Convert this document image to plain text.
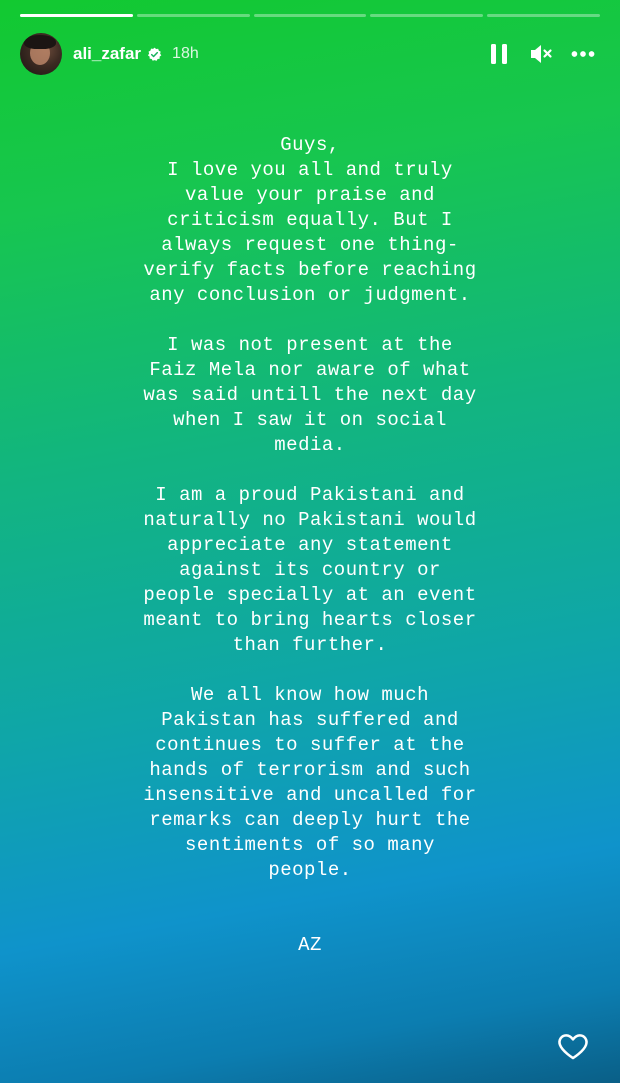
ali_zafar 18h

Guys,
I love you all and truly
value your praise and
criticism equally. But I
always request one thing-
verify facts before reaching
any conclusion or judgment.

I was not present at the
Faiz Mela nor aware of what
was said untill the next day
when I saw it on social
media.

I am a proud Pakistani and
naturally no Pakistani would
appreciate any statement
against its country or
people specially at an event
meant to bring hearts closer
than further.

We all know how much
Pakistan has suffered and
continues to suffer at the
hands of terrorism and such
insensitive and uncalled for
remarks can deeply hurt the
sentiments of so many
people.

AZ
